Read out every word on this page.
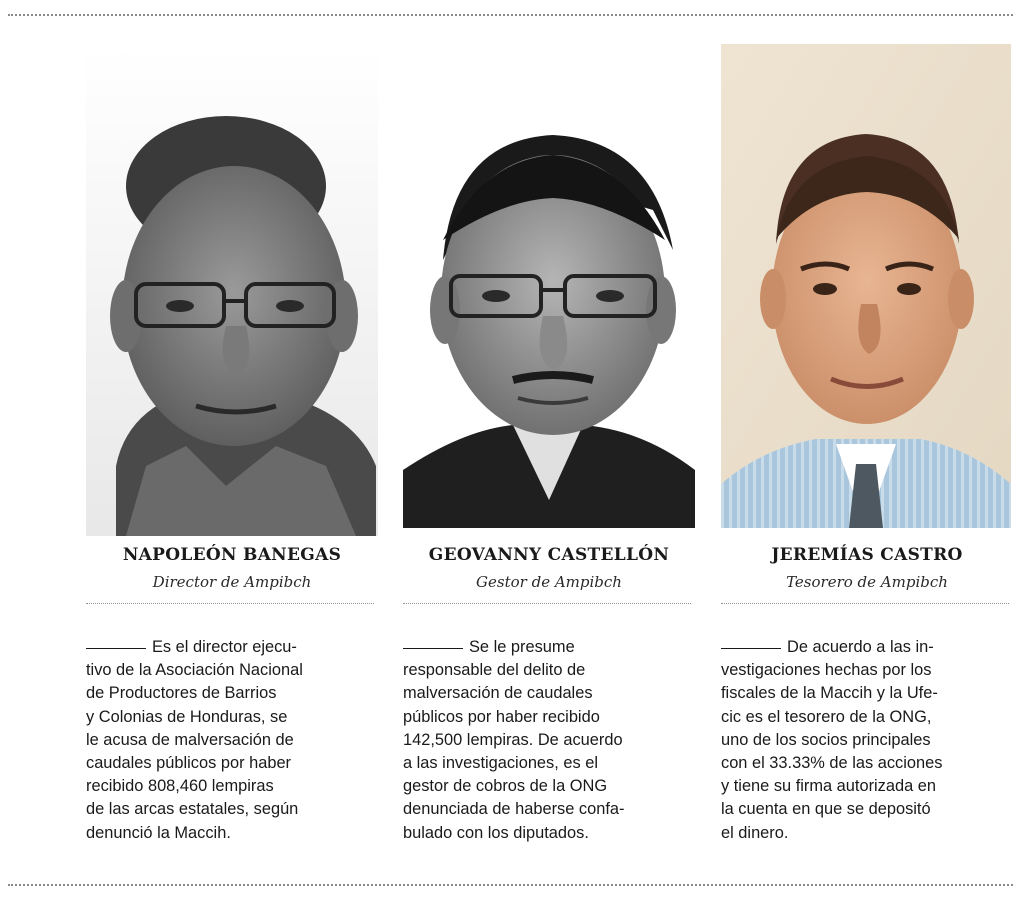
NAPOLEÓN BANEGAS
Director de Ampibch
Es el director ejecu-
tivo de la Asociación Nacional
de Productores de Barrios
y Colonias de Honduras, se
le acusa de malversación de
caudales públicos por haber
recibido 808,460 lempiras
de las arcas estatales, según
denunció la Maccih.
GEOVANNY CASTELLÓN
Gestor de Ampibch
Se le presume
responsable del delito de
malversación de caudales
públicos por haber recibido
142,500 lempiras. De acuerdo
a las investigaciones, es el
gestor de cobros de la ONG
denunciada de haberse confa-
bulado con los diputados.
JEREMÍAS CASTRO
Tesorero de Ampibch
De acuerdo a las in-
vestigaciones hechas por los
fiscales de la Maccih y la Ufe-
cic es el tesorero de la ONG,
uno de los socios principales
con el 33.33% de las acciones
y tiene su firma autorizada en
la cuenta en que se depositó
el dinero.
